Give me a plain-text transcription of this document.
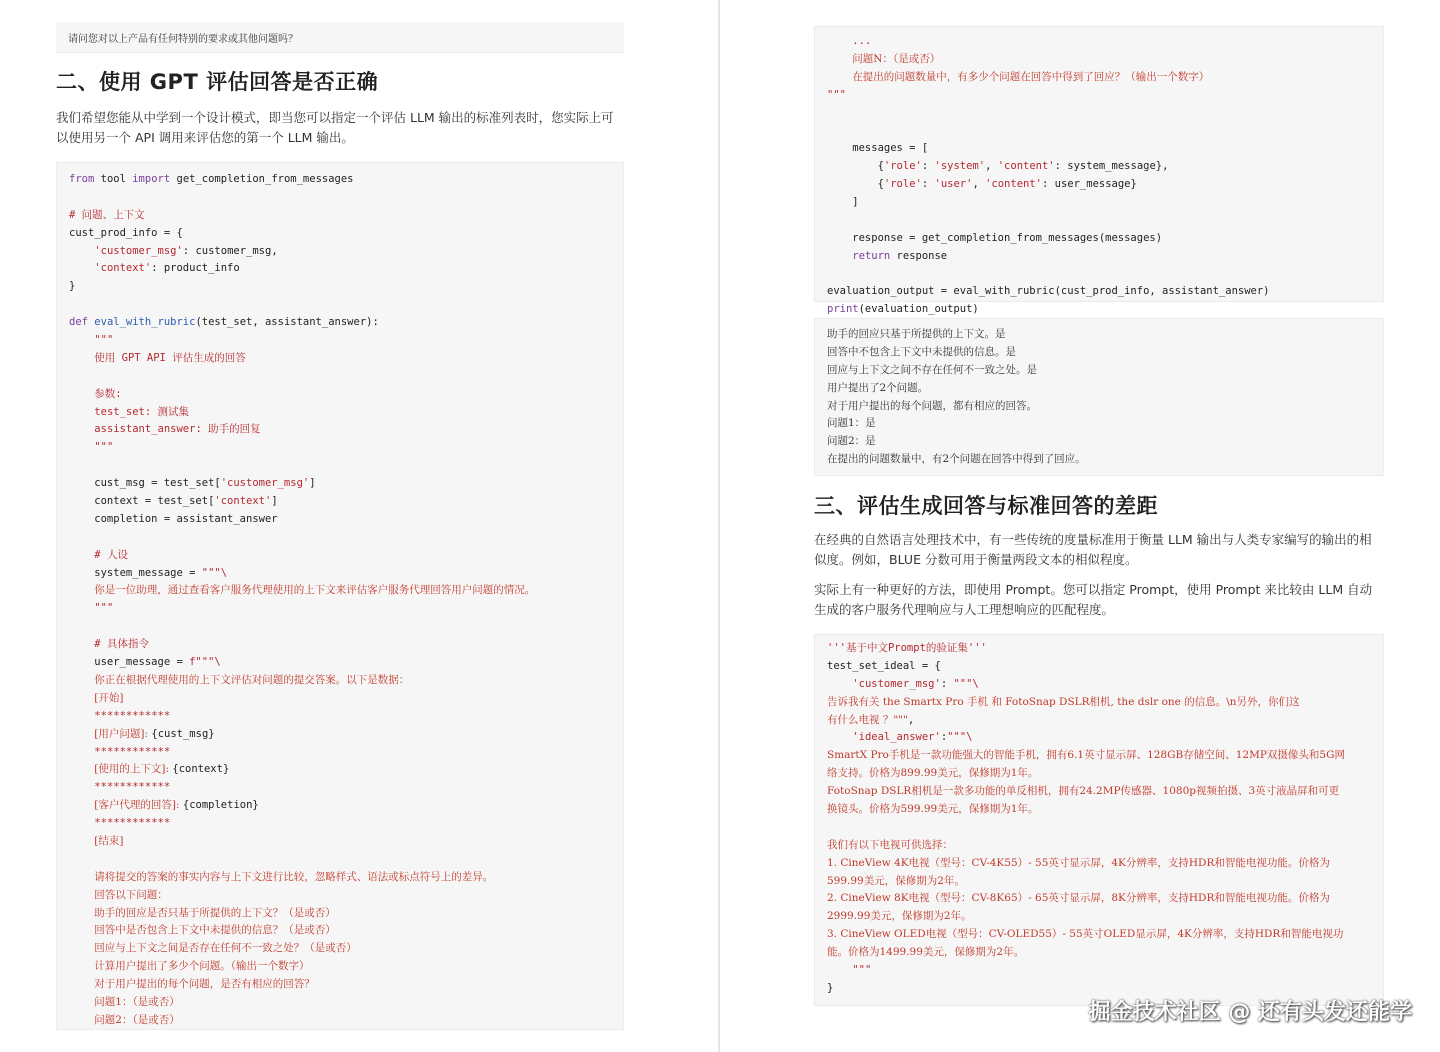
请问您对以上产品有任何特别的要求或其他问题吗？
二、使用 GPT 评估回答是否正确
我们希望您能从中学到一个设计模式，即当您可以指定一个评估 LLM 输出的标准列表时，您实际上可以使用另一个 API 调用来评估您的第一个 LLM 输出。
from tool import get_completion_from_messages

# 问题、上下文
cust_prod_info = {
'customer_msg': customer_msg,
'context': product_info
}

def eval_with_rubric(test_set, assistant_answer):
"""
使用 GPT API 评估生成的回答

参数:
test_set: 测试集
assistant_answer: 助手的回复
"""

cust_msg = test_set['customer_msg']
context = test_set['context']
completion = assistant_answer

# 人设
system_message = """\
你是一位助理，通过查看客户服务代理使用的上下文来评估客户服务代理回答用户问题的情况。
"""

# 具体指令
user_message = f"""\
你正在根据代理使用的上下文评估对问题的提交答案。以下是数据：
[开始]
************
[用户问题]: {cust_msg}
************
[使用的上下文]: {context}
************
[客户代理的回答]: {completion}
************
[结束]

请将提交的答案的事实内容与上下文进行比较，忽略样式、语法或标点符号上的差异。
回答以下问题：
助手的回应是否只基于所提供的上下文？（是或否）
回答中是否包含上下文中未提供的信息？（是或否）
回应与上下文之间是否存在任何不一致之处？（是或否）
计算用户提出了多少个问题。（输出一个数字）
对于用户提出的每个问题，是否有相应的回答？
问题1：（是或否）
问题2：（是或否）
...
问题N：（是或否）
在提出的问题数量中，有多少个问题在回答中得到了回应？（输出一个数字）
"""

messages = [
{'role': 'system', 'content': system_message},
{'role': 'user', 'content': user_message}
]

response = get_completion_from_messages(messages)
return response

evaluation_output = eval_with_rubric(cust_prod_info, assistant_answer)
print(evaluation_output)
助手的回应只基于所提供的上下文。是
回答中不包含上下文中未提供的信息。是
回应与上下文之间不存在任何不一致之处。是
用户提出了2个问题。
对于用户提出的每个问题，都有相应的回答。
问题1：是
问题2：是
在提出的问题数量中，有2个问题在回答中得到了回应。
三、评估生成回答与标准回答的差距
在经典的自然语言处理技术中，有一些传统的度量标准用于衡量 LLM 输出与人类专家编写的输出的相似度。例如，BLUE 分数可用于衡量两段文本的相似程度。
实际上有一种更好的方法，即使用 Prompt。您可以指定 Prompt，使用 Prompt 来比较由 LLM 自动生成的客户服务代理响应与人工理想响应的匹配程度。
'''基于中文Prompt的验证集'''
test_set_ideal = {
'customer_msg': """\
告诉我有关 the Smartx Pro 手机 和 FotoSnap DSLR相机, the dslr one 的信息。\n另外，你们这
有什么电视 ？""",
'ideal_answer':"""\
SmartX Pro手机是一款功能强大的智能手机，拥有6.1英寸显示屏、128GB存储空间、12MP双摄像头和5G网
络支持。价格为899.99美元，保修期为1年。
FotoSnap DSLR相机是一款多功能的单反相机，拥有24.2MP传感器、1080p视频拍摄、3英寸液晶屏和可更
换镜头。价格为599.99美元，保修期为1年。

我们有以下电视可供选择：
1. CineView 4K电视（型号：CV-4K55）- 55英寸显示屏，4K分辨率，支持HDR和智能电视功能。价格为
599.99美元，保修期为2年。
2. CineView 8K电视（型号：CV-8K65）- 65英寸显示屏，8K分辨率，支持HDR和智能电视功能。价格为
2999.99美元，保修期为2年。
3. CineView OLED电视（型号：CV-OLED55）- 55英寸OLED显示屏，4K分辨率，支持HDR和智能电视功
能。价格为1499.99美元，保修期为2年。
"""
}
掘金技术社区 @ 还有头发还能学
